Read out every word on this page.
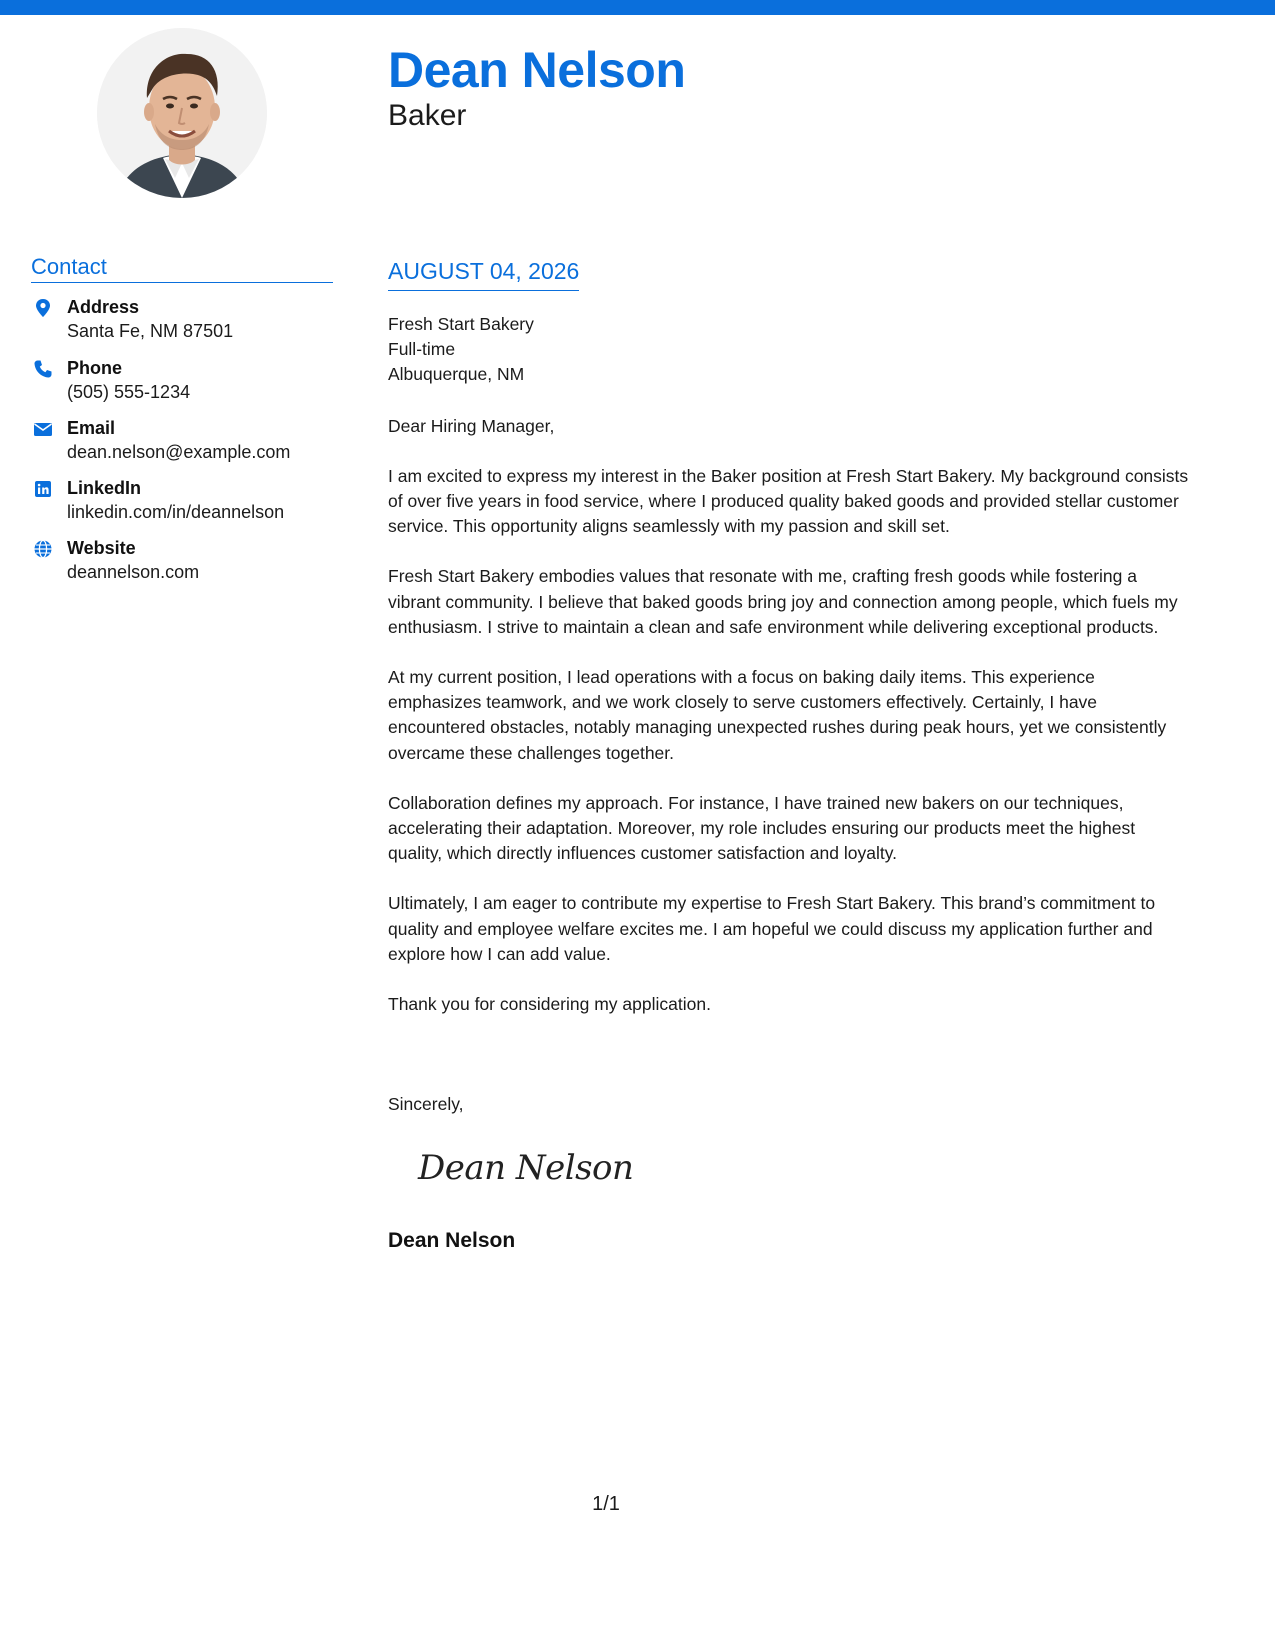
Dean Nelson
Baker
Contact
Address
Santa Fe, NM 87501
Phone
(505) 555-1234
Email
dean.nelson@example.com
LinkedIn
linkedin.com/in/deannelson
Website
deannelson.com
AUGUST 04, 2026
Fresh Start Bakery
Full-time
Albuquerque, NM
Dear Hiring Manager,
I am excited to express my interest in the Baker position at Fresh Start Bakery. My background consists of over five years in food service, where I produced quality baked goods and provided stellar customer service. This opportunity aligns seamlessly with my passion and skill set.
Fresh Start Bakery embodies values that resonate with me, crafting fresh goods while fostering a vibrant community. I believe that baked goods bring joy and connection among people, which fuels my enthusiasm. I strive to maintain a clean and safe environment while delivering exceptional products.
At my current position, I lead operations with a focus on baking daily items. This experience emphasizes teamwork, and we work closely to serve customers effectively. Certainly, I have encountered obstacles, notably managing unexpected rushes during peak hours, yet we consistently overcame these challenges together.
Collaboration defines my approach. For instance, I have trained new bakers on our techniques, accelerating their adaptation. Moreover, my role includes ensuring our products meet the highest quality, which directly influences customer satisfaction and loyalty.
Ultimately, I am eager to contribute my expertise to Fresh Start Bakery. This brand’s commitment to quality and employee welfare excites me. I am hopeful we could discuss my application further and explore how I can add value.
Thank you for considering my application.
Sincerely,
Dean Nelson
Dean Nelson
1/1
